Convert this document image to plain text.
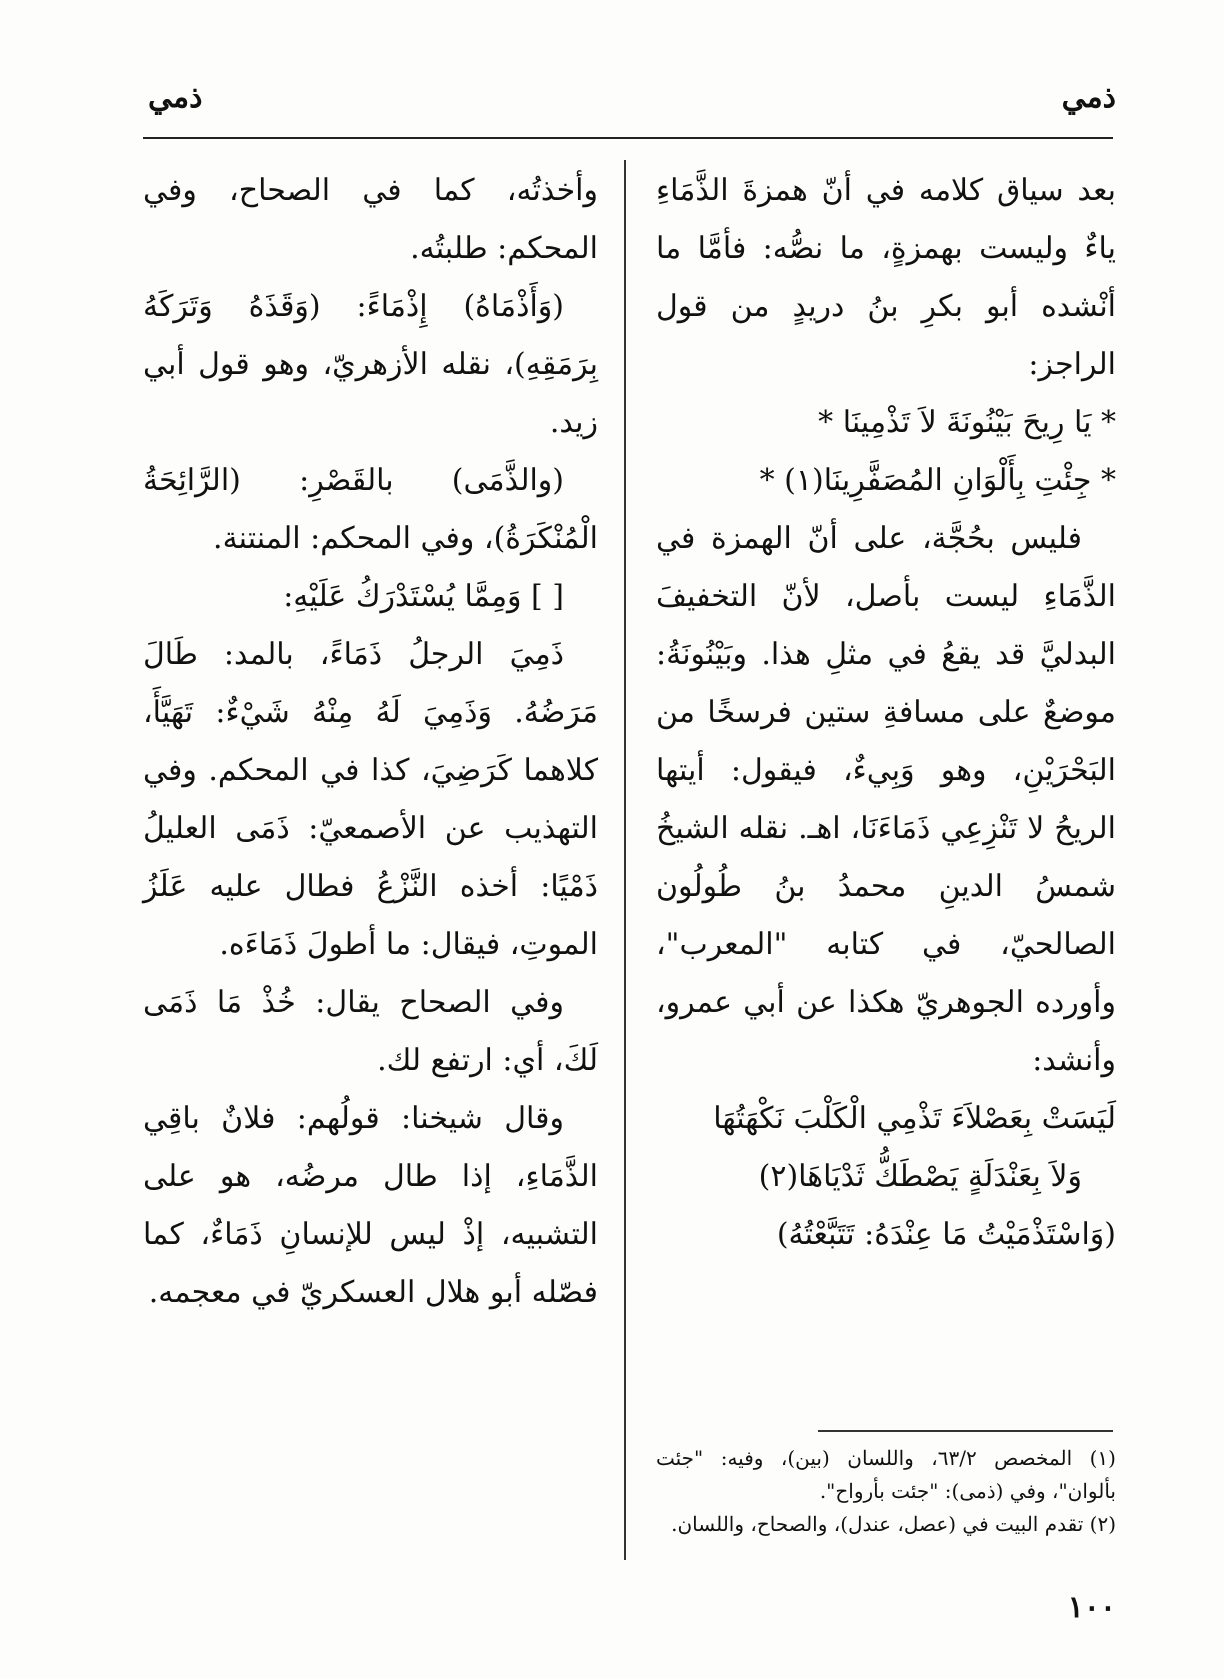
ذمي
ذمي

بعد سياق كلامه في أنّ همزةَ الذَّمَاءِ ياءٌ وليست بهمزةٍ، ما نصُّه: فأمَّا ما أنْشده أبو بكرِ بنُ دريدٍ من قول الراجز:

* يَا رِيحَ بَيْنُونَةَ لاَ تَذْمِينَا *

* جِئْتِ بِأَلْوَانِ المُصَفَّرِينَا(١) *

فليس بحُجَّة، على أنّ الهمزة في الذَّمَاءِ ليست بأصل، لأنّ التخفيفَ البدليَّ قد يقعُ في مثلِ هذا. وبَيْنُونَةُ: موضعٌ على مسافةِ ستين فرسخًا من البَحْرَيْنِ، وهو وَبِيءٌ، فيقول: أيتها الريحُ لا تَنْزِعِي ذَمَاءَنَا، اهـ. نقله الشيخُ شمسُ الدينِ محمدُ بنُ طُولُون الصالحيّ، في كتابه "المعرب"، وأورده الجوهريّ هكذا عن أبي عمرو، وأنشد:

لَيَسَتْ بِعَصْلاَءَ تَذْمِي الْكَلْبَ نَكْهَتُهَا

وَلاَ بِعَنْدَلَةٍ يَصْطَكُّ ثَدْيَاهَا(٢)

(وَاسْتَذْمَيْتُ مَا عِنْدَهُ: تَتَبَّعْتُهُ)

وأخذتُه، كما في الصحاح، وفي المحكم: طلبتُه.

(وَأَذْمَاهُ) إِذْمَاءً: (وَقَذَهُ وَتَرَكَهُ بِرَمَقِهِ)، نقله الأزهريّ، وهو قول أبي زيد.

(والذَّمَى) بالقَصْرِ: (الرَّائِحَةُ الْمُنْكَرَةُ)، وفي المحكم: المنتنة.

[ ] وَمِمَّا يُسْتَدْرَكُ عَلَيْهِ:

ذَمِيَ الرجلُ ذَمَاءً، بالمد: طَالَ مَرَضُهُ. وَذَمِيَ لَهُ مِنْهُ شَيْءٌ: تَهَيَّأَ، كلاهما كَرَضِيَ، كذا في المحكم. وفي التهذيب عن الأصمعيّ: ذَمَى العليلُ ذَمْيًا: أخذه النَّزْعُ فطال عليه عَلَزُ الموتِ، فيقال: ما أطولَ ذَمَاءَه.

وفي الصحاح يقال: خُذْ مَا ذَمَى لَكَ، أي: ارتفع لك.

وقال شيخنا: قولُهم: فلانٌ باقِي الذَّمَاءِ، إذا طال مرضُه، هو على التشبيه، إذْ ليس للإنسانِ ذَمَاءٌ، كما فصّله أبو هلال العسكريّ في معجمه.

(١) المخصص ٦٣/٢، واللسان (بين)، وفيه: "جئت بألوان"، وفي (ذمى): "جئت بأرواح".

(٢) تقدم البيت في (عصل، عندل)، والصحاح، واللسان.

١٠٠
